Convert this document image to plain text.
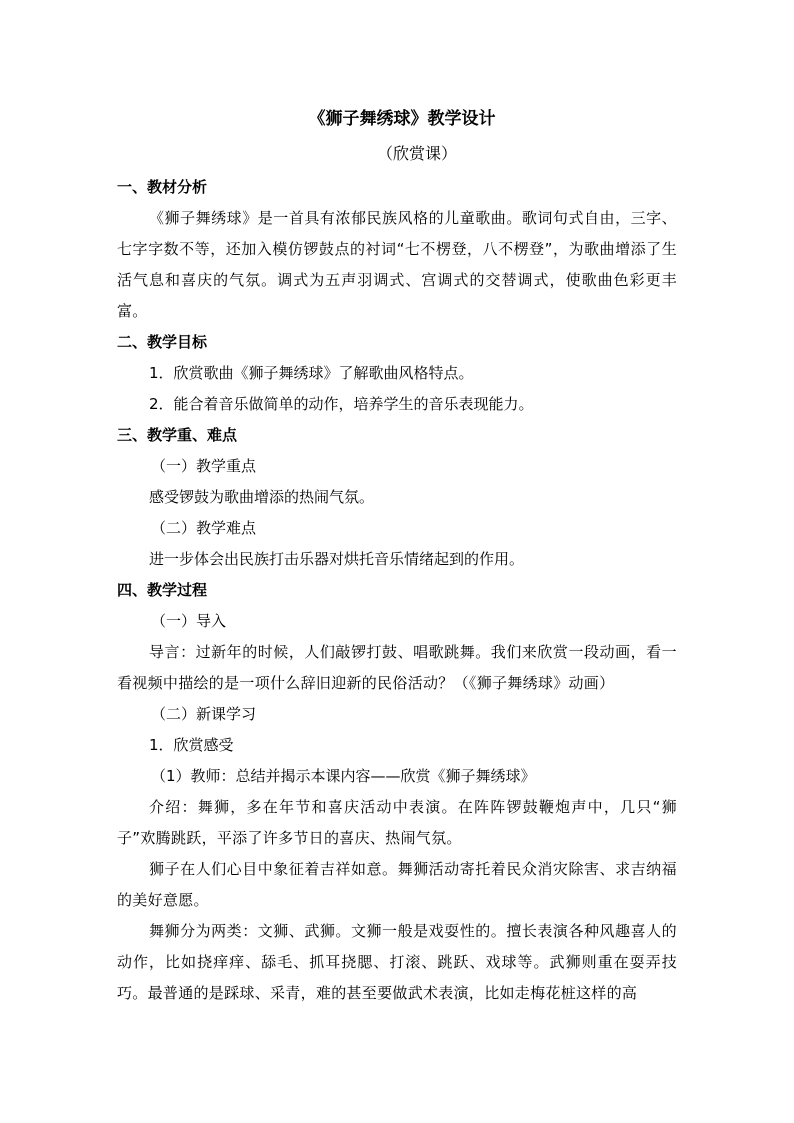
《狮子舞绣球》教学设计
（欣赏课）
一、教材分析
《狮子舞绣球》是一首具有浓郁民族风格的儿童歌曲。歌词句式自由，三字、七字字数不等，还加入模仿锣鼓点的衬词“七不楞登，八不楞登”，为歌曲增添了生活气息和喜庆的气氛。调式为五声羽调式、宫调式的交替调式，使歌曲色彩更丰富。
二、教学目标
1．欣赏歌曲《狮子舞绣球》了解歌曲风格特点。
2．能合着音乐做简单的动作，培养学生的音乐表现能力。
三、教学重、难点
（一）教学重点
感受锣鼓为歌曲增添的热闹气氛。
（二）教学难点
进一步体会出民族打击乐器对烘托音乐情绪起到的作用。
四、教学过程
（一）导入
导言：过新年的时候，人们敲锣打鼓、唱歌跳舞。我们来欣赏一段动画，看一看视频中描绘的是一项什么辞旧迎新的民俗活动？（《狮子舞绣球》动画）
（二）新课学习
1．欣赏感受
（1）教师：总结并揭示本课内容——欣赏《狮子舞绣球》
介绍：舞狮，多在年节和喜庆活动中表演。在阵阵锣鼓鞭炮声中，几只“狮子”欢腾跳跃，平添了许多节日的喜庆、热闹气氛。
狮子在人们心目中象征着吉祥如意。舞狮活动寄托着民众消灾除害、求吉纳福的美好意愿。
舞狮分为两类：文狮、武狮。文狮一般是戏耍性的。擅长表演各种风趣喜人的动作，比如挠痒痒、舔毛、抓耳挠腮、打滚、跳跃、戏球等。武狮则重在耍弄技巧。最普通的是踩球、采青，难的甚至要做武术表演，比如走梅花桩这样的高
